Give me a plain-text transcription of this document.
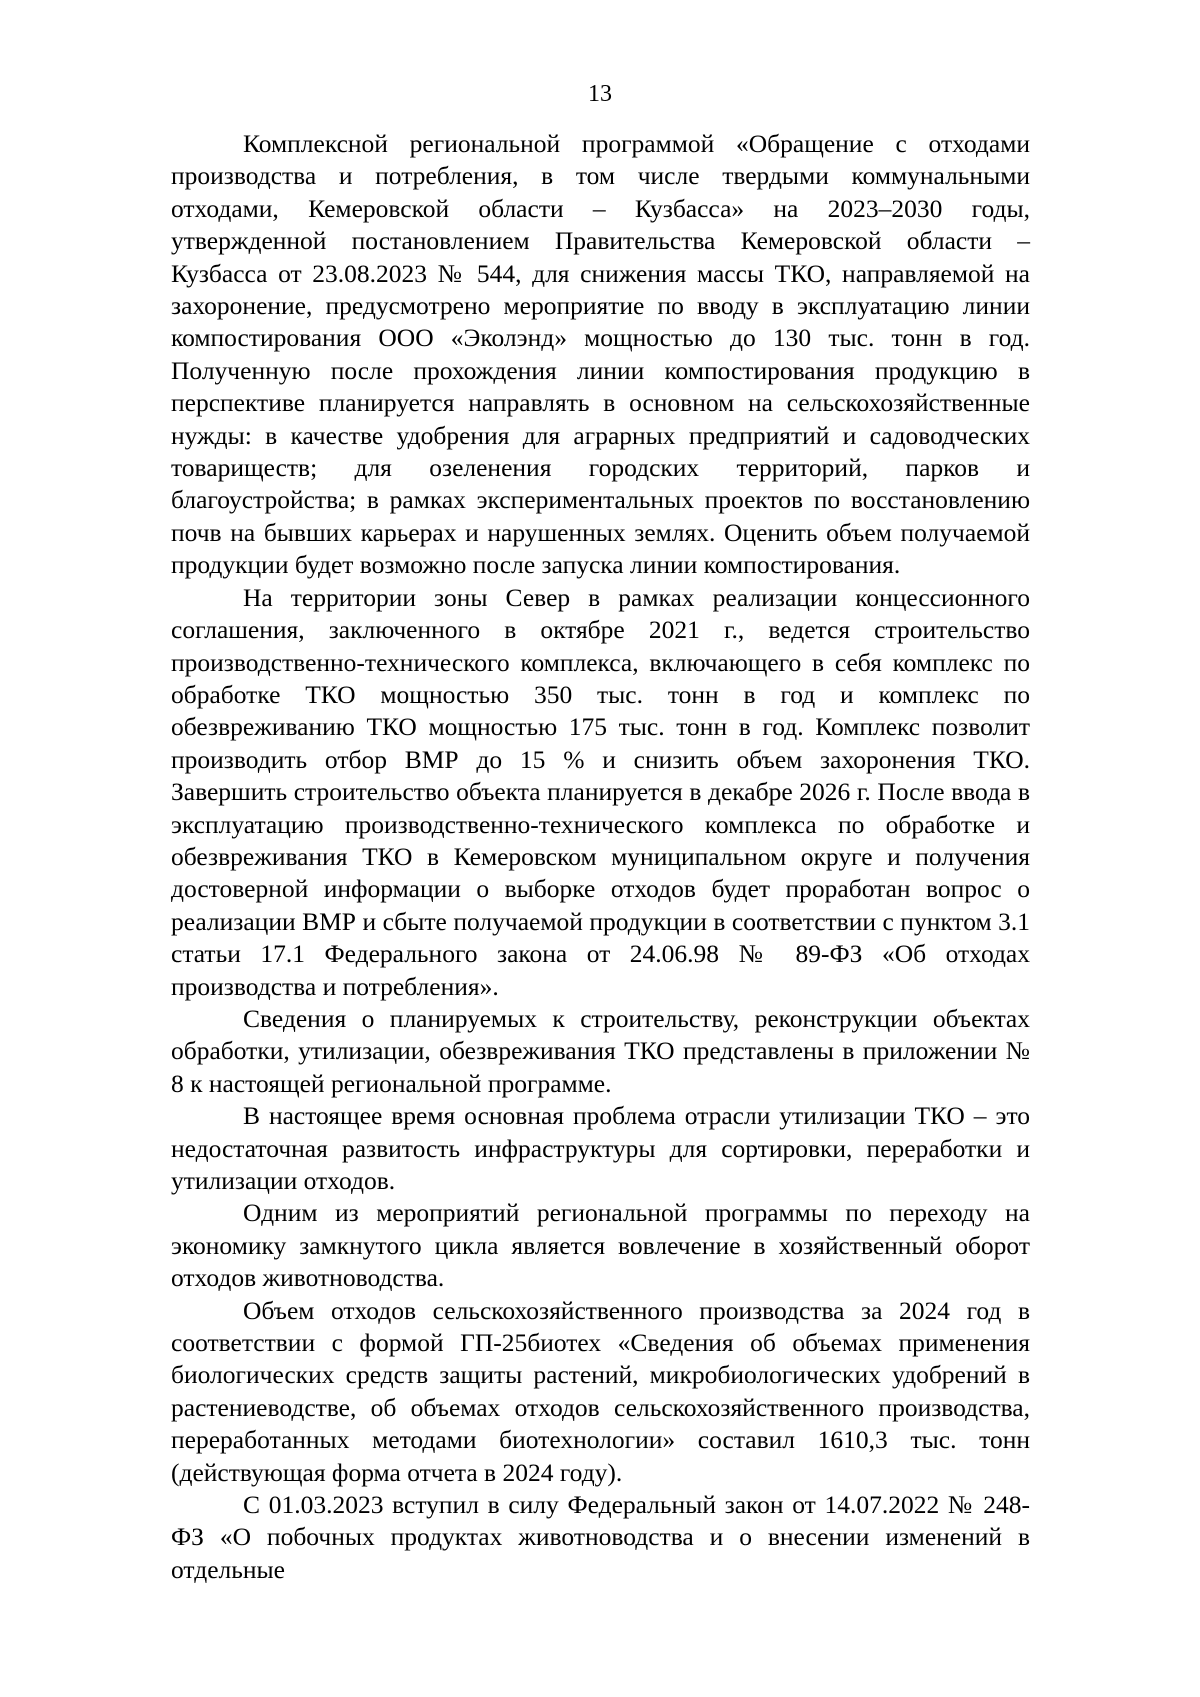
13

Комплексной региональной программой «Обращение с отходами производства и потребления, в том числе твердыми коммунальными отходами, Кемеровской области – Кузбасса» на 2023–2030 годы, утвержденной постановлением Правительства Кемеровской области – Кузбасса от 23.08.2023 № 544, для снижения массы ТКО, направляемой на захоронение, предусмотрено мероприятие по вводу в эксплуатацию линии компостирования ООО «Эколэнд» мощностью до 130 тыс. тонн в год. Полученную после прохождения линии компостирования продукцию в перспективе планируется направлять в основном на сельскохозяйственные нужды: в качестве удобрения для аграрных предприятий и садоводческих товариществ; для озеленения городских территорий, парков и благоустройства; в рамках экспериментальных проектов по восстановлению почв на бывших карьерах и нарушенных землях. Оценить объем получаемой продукции будет возможно после запуска линии компостирования.

На территории зоны Север в рамках реализации концессионного соглашения, заключенного в октябре 2021 г., ведется строительство производственно-технического комплекса, включающего в себя комплекс по обработке ТКО мощностью 350 тыс. тонн в год и комплекс по обезвреживанию ТКО мощностью 175 тыс. тонн в год. Комплекс позволит производить отбор ВМР до 15 % и снизить объем захоронения ТКО. Завершить строительство объекта планируется в декабре 2026 г. После ввода в эксплуатацию производственно-технического комплекса по обработке и обезвреживания ТКО в Кемеровском муниципальном округе и получения достоверной информации о выборке отходов будет проработан вопрос о реализации ВМР и сбыте получаемой продукции в соответствии с пунктом 3.1 статьи 17.1 Федерального закона от 24.06.98 № 89-ФЗ «Об отходах производства и потребления».

Сведения о планируемых к строительству, реконструкции объектах обработки, утилизации, обезвреживания ТКО представлены в приложении № 8 к настоящей региональной программе.

В настоящее время основная проблема отрасли утилизации ТКО – это недостаточная развитость инфраструктуры для сортировки, переработки и утилизации отходов.

Одним из мероприятий региональной программы по переходу на экономику замкнутого цикла является вовлечение в хозяйственный оборот отходов животноводства.

Объем отходов сельскохозяйственного производства за 2024 год в соответствии с формой ГП-25биотех «Сведения об объемах применения биологических средств защиты растений, микробиологических удобрений в растениеводстве, об объемах отходов сельскохозяйственного производства, переработанных методами биотехнологии» составил 1610,3 тыс. тонн (действующая форма отчета в 2024 году).

С 01.03.2023 вступил в силу Федеральный закон от 14.07.2022 № 248-ФЗ «О побочных продуктах животноводства и о внесении изменений в отдельные
